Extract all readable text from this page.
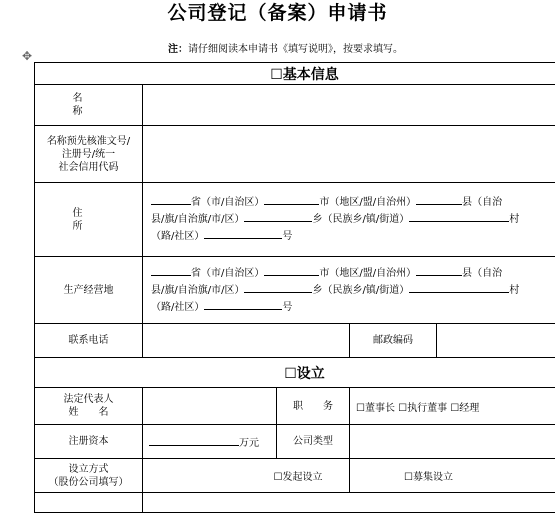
公司登记（备案）申请书
注：请仔细阅读本申请书《填写说明》，按要求填写。
✥
☐基本信息				
名　称				

名称预先核准文号/
注册号/统一
社会信用代码				

住　所	省（市/自治区） 市（地区/盟/自治州） 县（自治
县/旗/自治旗/市/区） 乡（民族乡/镇/街道） 村
（路/社区） 号			

生产经营地	省（市/自治区） 市（地区/盟/自治州） 县（自治
县/旗/自治旗/市/区） 乡（民族乡/镇/街道） 村
（路/社区） 号			

联系电话			邮政编码	
☐设立				

法定代表人
姓　　名		职　　务	☐董事长 ☐执行董事 ☐经理	
注册资本	万元	公司类型		

设立方式
（股份公司填写）	☐发起设立		☐募集设立	
